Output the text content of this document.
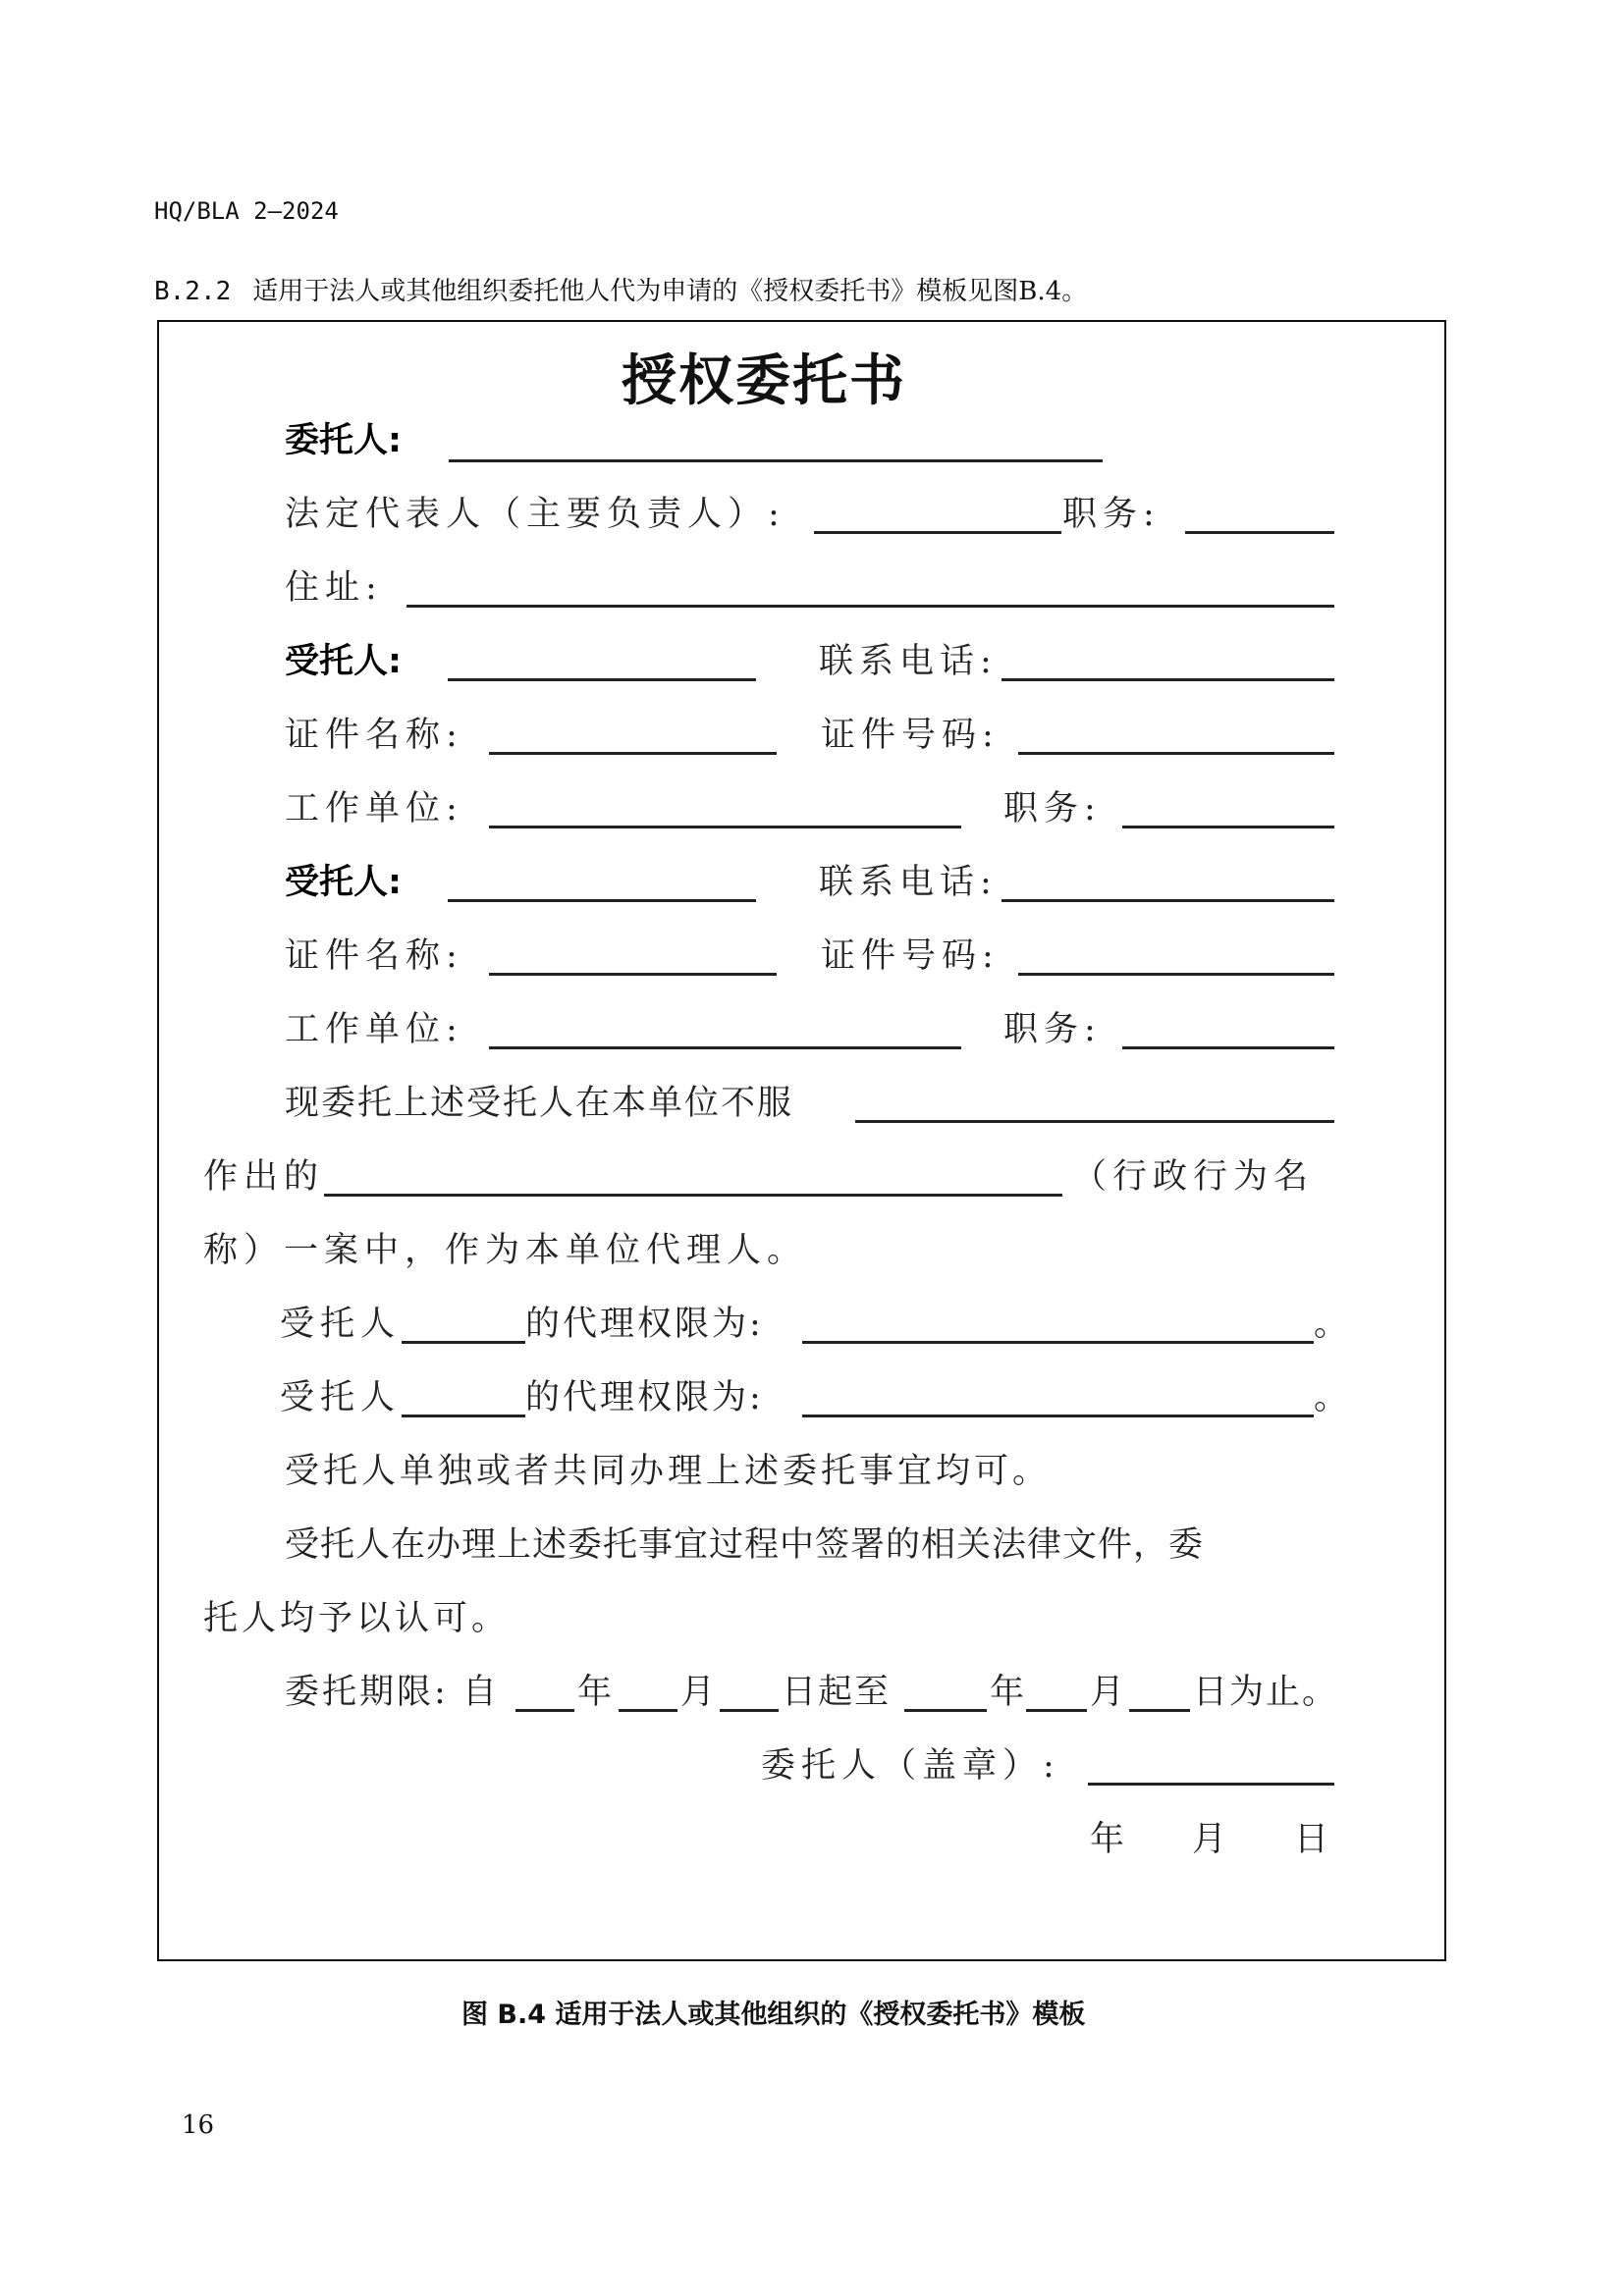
HQ/BLA 2—2024
B.2.2 适用于法人或其他组织委托他人代为申请的《授权委托书》模板见图B.4。
授权委托书
委托人:
法定代表人（主要负责人）:	职务:
住址:
受托人:	联系电话:
证件名称:	证件号码:
工作单位:	职务:
受托人:	联系电话:
证件名称:	证件号码:
工作单位:	职务:
现委托上述受托人在本单位不服
作出的	（行政行为名
称）一案中，作为本单位代理人。
受托人	的代理权限为:	。
受托人	的代理权限为:	。
受托人单独或者共同办理上述委托事宜均可。
受托人在办理上述委托事宜过程中签署的相关法律文件，委
托人均予以认可。
委托期限: 自 年 月 日起至	年 月 日为止。
委托人（盖章）:
年 月 日
图 B.4 适用于法人或其他组织的《授权委托书》模板
16
